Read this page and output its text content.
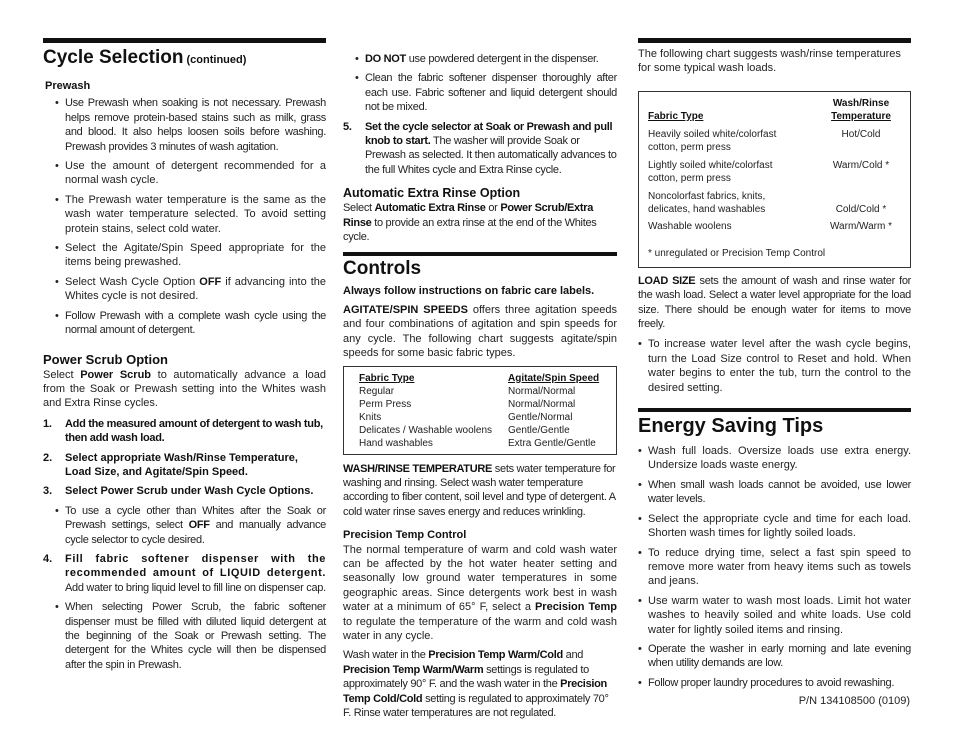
Cycle Selection (continued)
Prewash
• Use Prewash when soaking is not necessary. Prewash helps remove protein-based stains such as milk, grass and blood. It also helps loosen soils before washing. Prewash provides 3 minutes of wash agitation.
• Use the amount of detergent recommended for a normal wash cycle.
• The Prewash water temperature is the same as the wash water temperature selected. To avoid setting protein stains, select cold water.
• Select the Agitate/Spin Speed appropriate for the items being prewashed.
• Select Wash Cycle Option OFF if advancing into the Whites cycle is not desired.
• Follow Prewash with a complete wash cycle using the normal amount of detergent.
Power Scrub Option

Select Power Scrub to automatically advance a load from the Soak or Prewash setting into the Whites wash and Extra Rinse cycles.

1. Add the measured amount of detergent to wash tub, then add wash load.
2. Select appropriate Wash/Rinse Temperature, Load Size, and Agitate/Spin Speed.
3. Select Power Scrub under Wash Cycle Options.
• To use a cycle other than Whites after the Soak or Prewash settings, select OFF and manually advance cycle selector to cycle desired.
4. Fill fabric softener dispenser with the recommended amount of LIQUID detergent. Add water to bring liquid level to fill line on dispenser cap.
• When selecting Power Scrub, the fabric softener dispenser must be filled with diluted liquid detergent at the beginning of the Soak or Prewash setting. The detergent for the Whites cycle will then be dispensed after the spin in Prewash.
• DO NOT use powdered detergent in the dispenser.
• Clean the fabric softener dispenser thoroughly after each use. Fabric softener and liquid detergent should not be mixed.
5. Set the cycle selector at Soak or Prewash and pull knob to start. The washer will provide Soak or Prewash as selected. It then automatically advances to the full Whites cycle and Extra Rinse cycle.
Automatic Extra Rinse Option

Select Automatic Extra Rinse or Power Scrub/Extra Rinse to provide an extra rinse at the end of the Whites cycle.

Controls

Always follow instructions on fabric care labels.

AGITATE/SPIN SPEEDS offers three agitation speeds and four combinations of agitation and spin speeds for any cycle. The following chart suggests agitate/spin speeds for some basic fabric types.

Fabric Type	Agitate/Spin Speed
Regular	Normal/Normal
Perm Press	Normal/Normal
Knits	Gentle/Normal
Delicates / Washable woolens	Gentle/Gentle
Hand washables	Extra Gentle/Gentle

WASH/RINSE TEMPERATURE sets water temperature for washing and rinsing. Select wash water temperature according to fiber content, soil level and type of detergent. A cold water rinse saves energy and reduces wrinkling.

Precision Temp Control

The normal temperature of warm and cold wash water can be affected by the hot water heater setting and seasonally low ground water temperatures in some geographic areas. Since detergents work best in wash water at a minimum of 65° F, select a Precision Temp to regulate the temperature of the warm and cold wash water in any cycle.

Wash water in the Precision Temp Warm/Cold and Precision Temp Warm/Warm settings is regulated to approximately 90° F. and the wash water in the Precision Temp Cold/Cold setting is regulated to approximately 70° F. Rinse water temperatures are not regulated.

The following chart suggests wash/rinse temperatures for some typical wash loads.

Fabric Type	
Wash/Rinse
Temperature

Heavily soiled white/colorfast
cotton, perm press
	Hot/Cold

Lightly soiled white/colorfast
cotton, perm press
	Warm/Cold *

Noncolorfast fabrics, knits,
delicates, hand washables	Cold/Cold *
Washable woolens	Warm/Warm *
* unregulated or Precision Temp Control

LOAD SIZE sets the amount of wash and rinse water for the wash load. Select a water level appropriate for the load size. There should be enough water for items to move freely.

• To increase water level after the wash cycle begins, turn the Load Size control to Reset and hold. When water begins to enter the tub, turn the control to the desired setting.
Energy Saving Tips
• Wash full loads. Oversize loads use extra energy. Undersize loads waste energy.
• When small wash loads cannot be avoided, use lower water levels.
• Select the appropriate cycle and time for each load. Shorten wash times for lightly soiled loads.
• To reduce drying time, select a fast spin speed to remove more water from heavy items such as towels and jeans.
• Use warm water to wash most loads. Limit hot water washes to heavily soiled and white loads. Use cold water for lightly soiled items and rinsing.
• Operate the washer in early morning and late evening when utility demands are low.
• Follow proper laundry procedures to avoid rewashing.
P/N 134108500 (0109)
